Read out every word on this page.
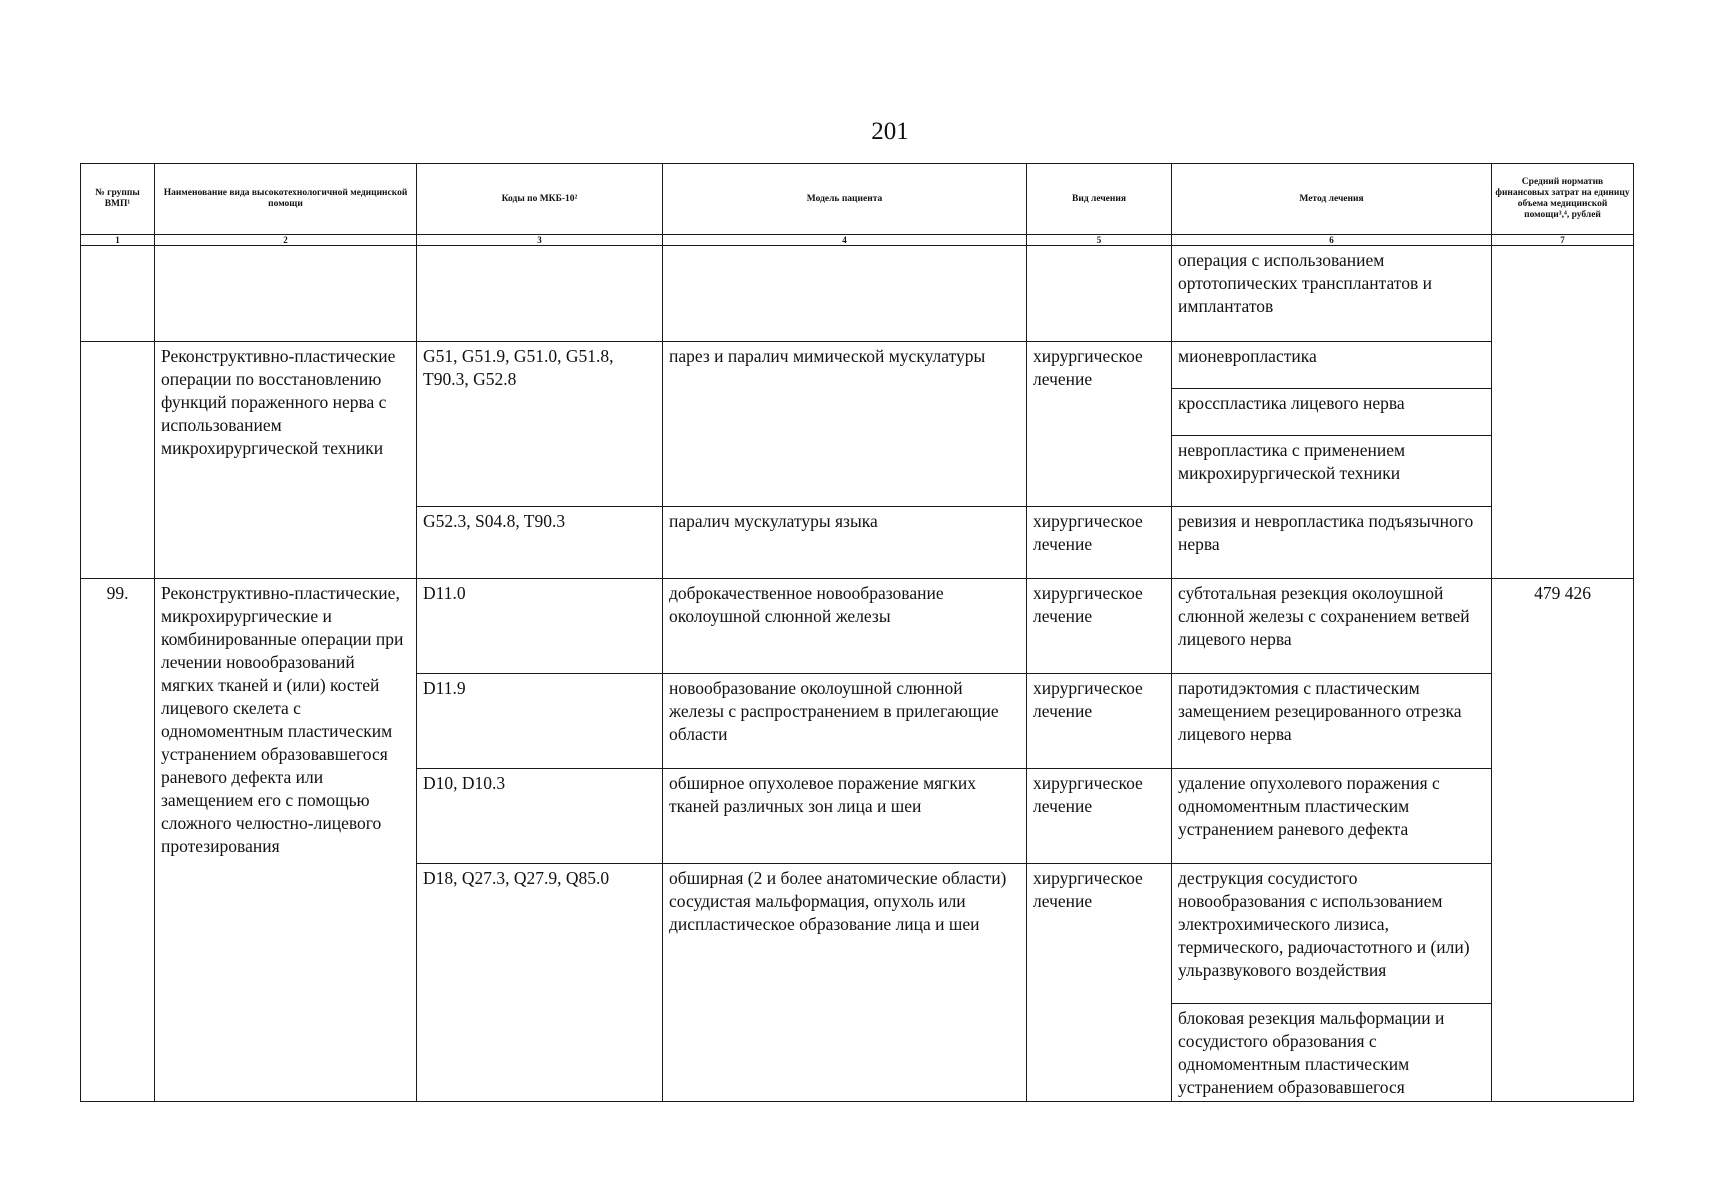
201
№ группы ВМП¹	Наименование вида высокотехнологичной медицинской помощи	Коды по МКБ-10²	Модель пациента	Вид лечения	Метод лечения	Средний норматив финансовых затрат на единицу объема медицинской помощи³,⁴, рублей
1	2	3	4	5	6	7
					операция с использованием ортотопических трансплантатов и имплантатов	
	Реконструктивно-пластические операции по восстановлению функций пораженного нерва с использованием микрохирургической техники	G51, G51.9, G51.0, G51.8, T90.3, G52.8	парез и паралич мимической мускулатуры	хирургическое лечение	мионевропластика	
					кросспластика лицевого нерва	
					невропластика с применением микрохирургической техники	
		G52.3, S04.8, T90.3	паралич мускулатуры языка	хирургическое лечение	ревизия и невропластика подъязычного нерва	
99.	Реконструктивно-пластические, микрохирургические и комбинированные операции при лечении новообразований мягких тканей и (или) костей лицевого скелета с одномоментным пластическим устранением образовавшегося раневого дефекта или замещением его с помощью сложного челюстно-лицевого протезирования	D11.0	доброкачественное новообразование околоушной слюнной железы	хирургическое лечение	субтотальная резекция околоушной слюнной железы с сохранением ветвей лицевого нерва	479 426
		D11.9	новообразование околоушной слюнной железы с распространением в прилегающие области	хирургическое лечение	паротидэктомия с пластическим замещением резецированного отрезка лицевого нерва	
		D10, D10.3	обширное опухолевое поражение мягких тканей различных зон лица и шеи	хирургическое лечение	удаление опухолевого поражения с одномоментным пластическим устранением раневого дефекта	
		D18, Q27.3, Q27.9, Q85.0	обширная (2 и более анатомические области) сосудистая мальформация, опухоль или диспластическое образование лица и шеи	хирургическое лечение	деструкция сосудистого новообразования с использованием электрохимического лизиса, термического, радиочастотного и (или) ульразвукового воздействия	
					блоковая резекция мальформации и сосудистого образования с одномоментным пластическим устранением образовавшегося	
